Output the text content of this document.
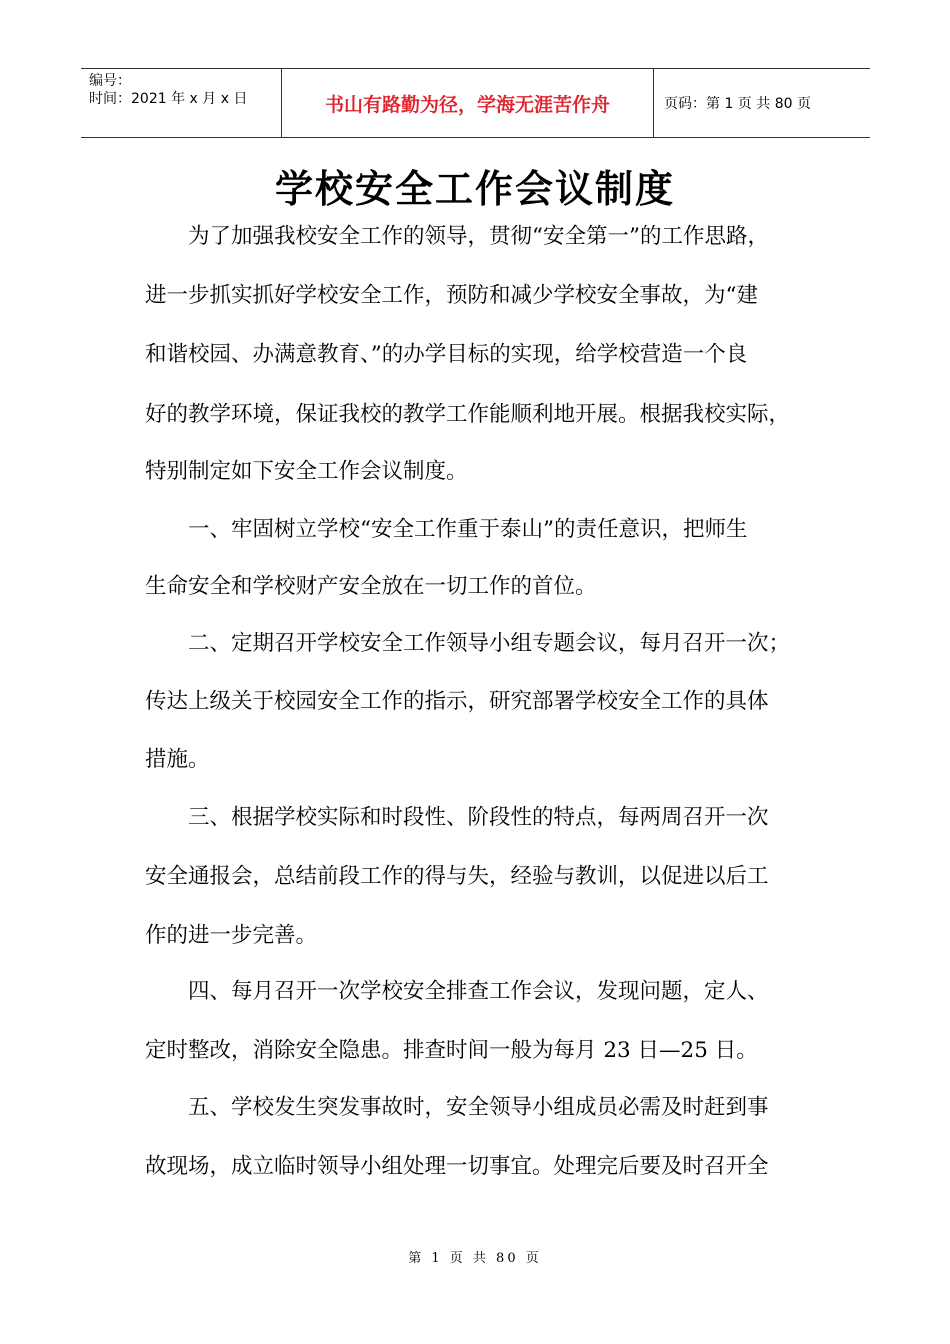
编号：
时间：2021 年 x 月 x 日	书山有路勤为径，学海无涯苦作舟	页码：第 1 页 共 80 页
学校安全工作会议制度
　　为了加强我校安全工作的领导，贯彻“安全第一”的工作思路，
进一步抓实抓好学校安全工作，预防和减少学校安全事故，为“建
和谐校园、办满意教育、”的办学目标的实现，给学校营造一个良
好的教学环境，保证我校的教学工作能顺利地开展。根据我校实际，
特别制定如下安全工作会议制度。
　　一、牢固树立学校“安全工作重于泰山”的责任意识，把师生
生命安全和学校财产安全放在一切工作的首位。
　　二、定期召开学校安全工作领导小组专题会议，每月召开一次；
传达上级关于校园安全工作的指示，研究部署学校安全工作的具体
措施。
　　三、根据学校实际和时段性、阶段性的特点，每两周召开一次
安全通报会，总结前段工作的得与失，经验与教训，以促进以后工
作的进一步完善。
　　四、每月召开一次学校安全排查工作会议，发现问题，定人、
定时整改，消除安全隐患。排查时间一般为每月 23 日—25 日。
　　五、学校发生突发事故时，安全领导小组成员必需及时赶到事
故现场，成立临时领导小组处理一切事宜。处理完后要及时召开全
第 1 页 共 80 页
